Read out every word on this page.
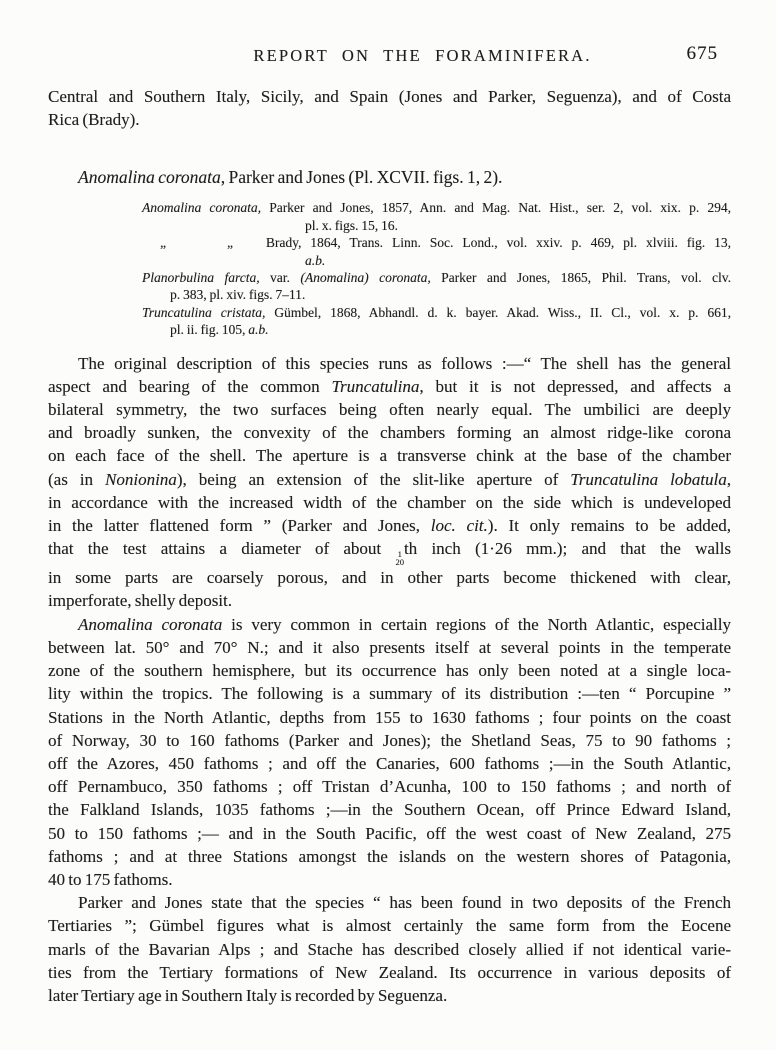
REPORT ON THE FORAMINIFERA.	675
Central and Southern Italy, Sicily, and Spain (Jones and Parker, Seguenza), and of Costa
Rica (Brady).
Anomalina coronata, Parker and Jones (Pl. XCVII. figs. 1, 2).
Anomalina coronata, Parker and Jones, 1857, Ann. and Mag. Nat. Hist., ser. 2, vol. xix. p. 294,
pl. x. figs. 15, 16.
„	„ Brady, 1864, Trans. Linn. Soc. Lond., vol. xxiv. p. 469, pl. xlviii. fig. 13,
a.b.
Planorbulina farcta, var. (Anomalina) coronata, Parker and Jones, 1865, Phil. Trans, vol. clv.
p. 383, pl. xiv. figs. 7–11.
Truncatulina cristata, Gümbel, 1868, Abhandl. d. k. bayer. Akad. Wiss., II. Cl., vol. x. p. 661,
pl. ii. fig. 105, a.b.
The original description of this species runs as follows :—“ The shell has the general
aspect and bearing of the common Truncatulina, but it is not depressed, and affects a
bilateral symmetry, the two surfaces being often nearly equal. The umbilici are deeply
and broadly sunken, the convexity of the chambers forming an almost ridge-like corona
on each face of the shell. The aperture is a transverse chink at the base of the chamber
(as in Nonionina), being an extension of the slit-like aperture of Truncatulina lobatula,
in accordance with the increased width of the chamber on the side which is undeveloped
in the latter flattened form ” (Parker and Jones, loc. cit.). It only remains to be added,
that the test attains a diameter of about 1
20
th inch (1·26 mm.); and that the walls
in some parts are coarsely porous, and in other parts become thickened with clear,
imperforate, shelly deposit.
Anomalina coronata is very common in certain regions of the North Atlantic, especially
between lat. 50° and 70° N.; and it also presents itself at several points in the temperate
zone of the southern hemisphere, but its occurrence has only been noted at a single loca-
lity within the tropics. The following is a summary of its distribution :—ten “ Porcupine ”
Stations in the North Atlantic, depths from 155 to 1630 fathoms ; four points on the coast
of Norway, 30 to 160 fathoms (Parker and Jones); the Shetland Seas, 75 to 90 fathoms ;
off the Azores, 450 fathoms ; and off the Canaries, 600 fathoms ;—in the South Atlantic,
off Pernambuco, 350 fathoms ; off Tristan d’Acunha, 100 to 150 fathoms ; and north of
the Falkland Islands, 1035 fathoms ;—in the Southern Ocean, off Prince Edward Island,
50 to 150 fathoms ;— and in the South Pacific, off the west coast of New Zealand, 275
fathoms ; and at three Stations amongst the islands on the western shores of Patagonia,
40 to 175 fathoms.
Parker and Jones state that the species “ has been found in two deposits of the French
Tertiaries ”; Gümbel figures what is almost certainly the same form from the Eocene
marls of the Bavarian Alps ; and Stache has described closely allied if not identical varie-
ties from the Tertiary formations of New Zealand. Its occurrence in various deposits of
later Tertiary age in Southern Italy is recorded by Seguenza.
